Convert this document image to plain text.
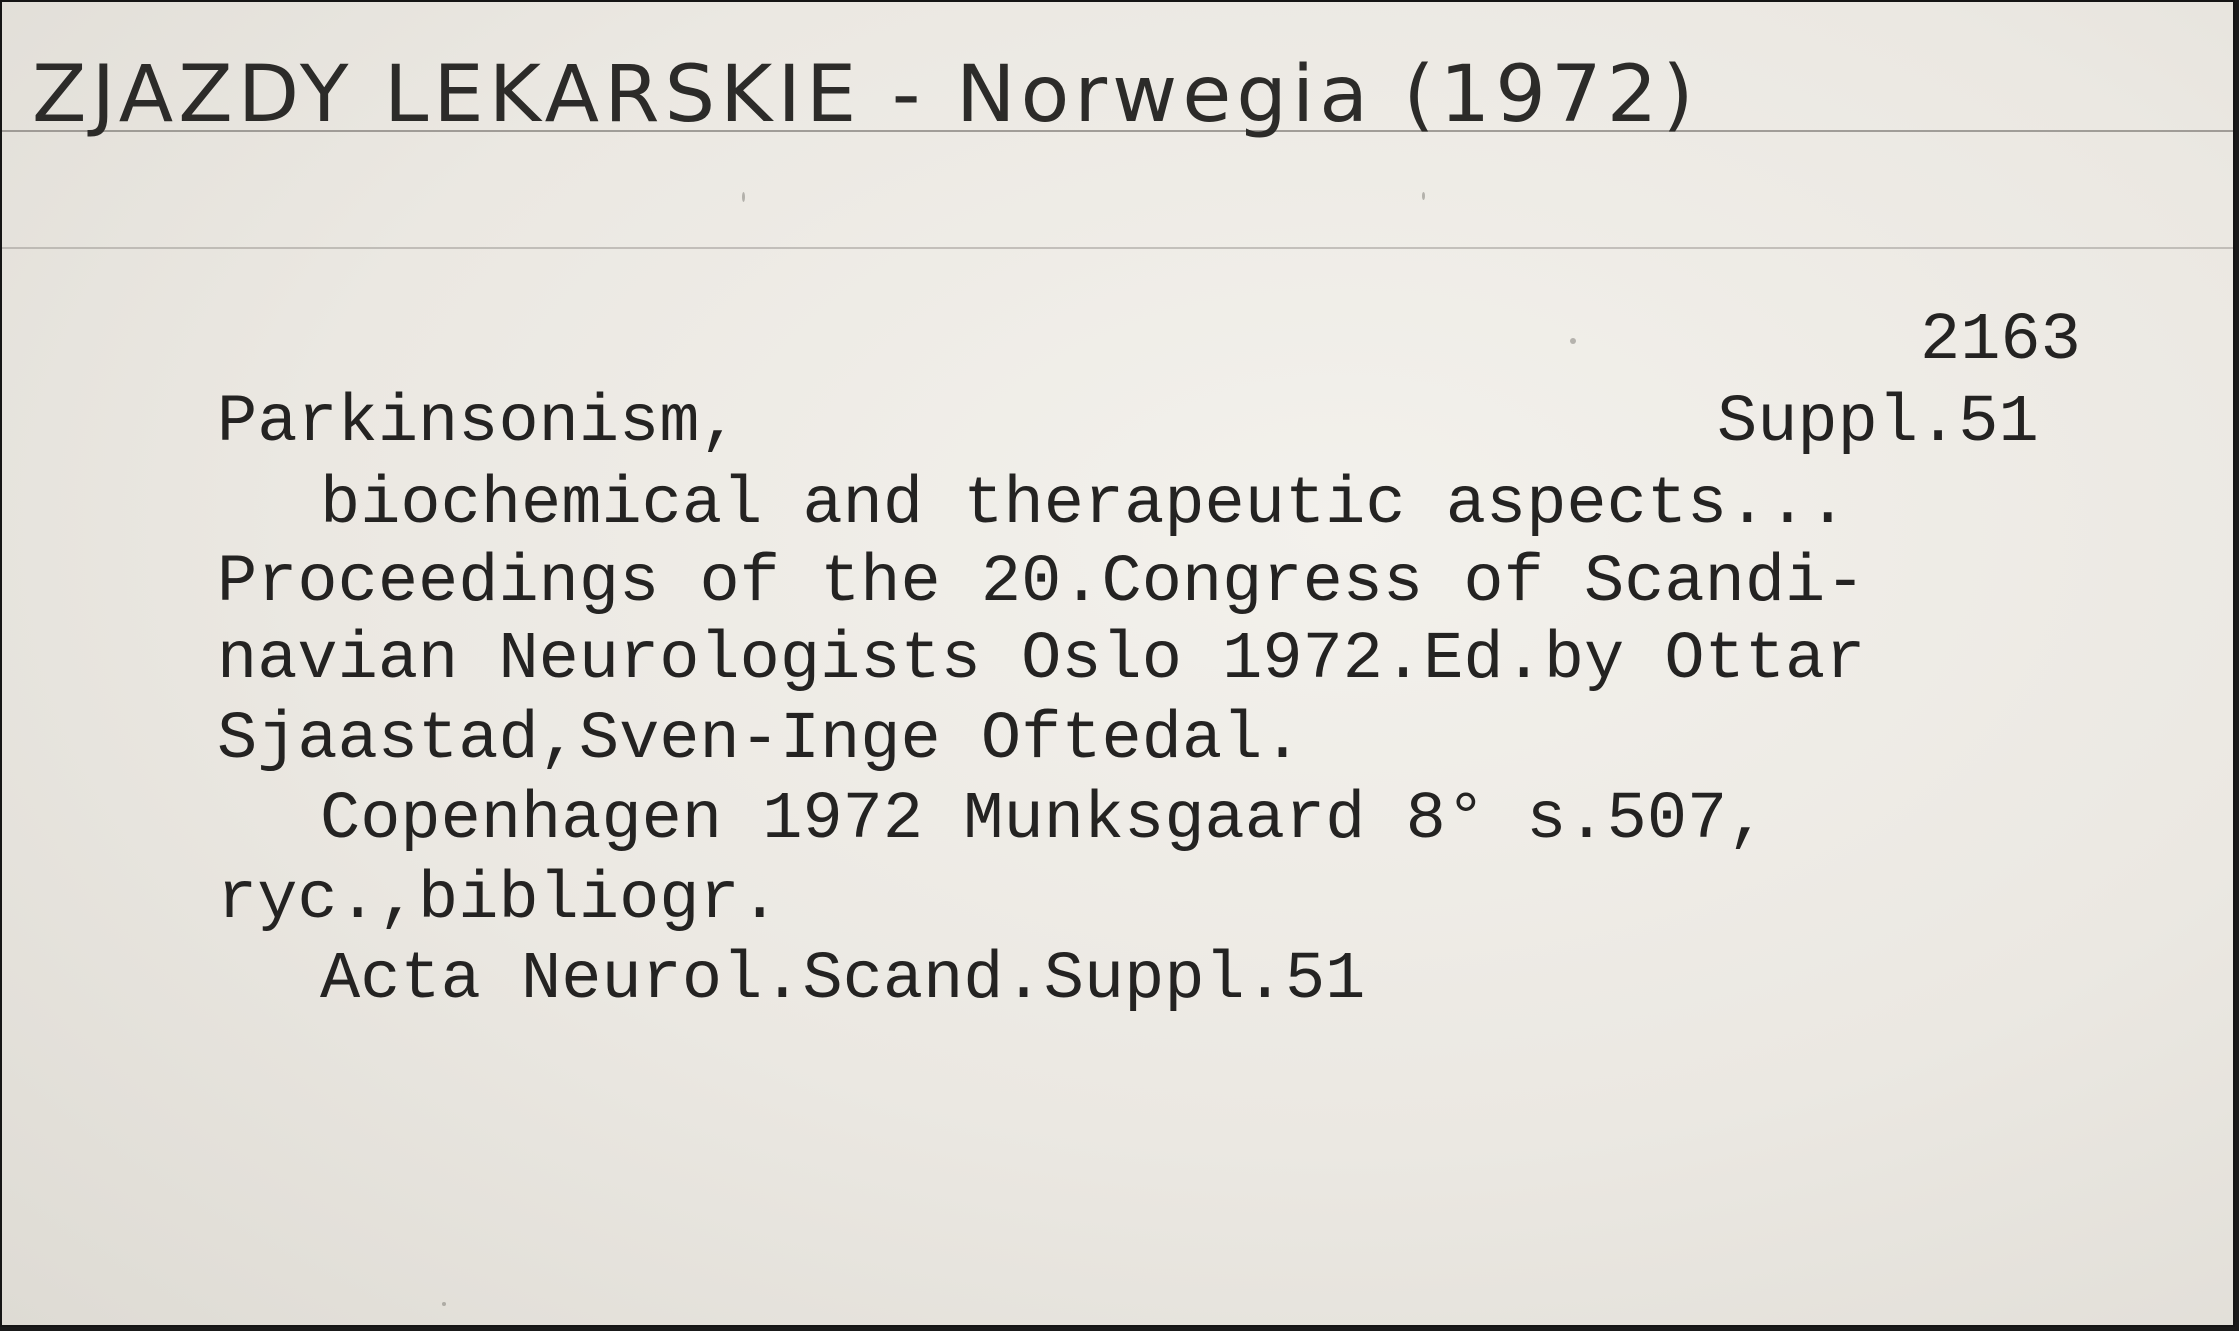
ZJAZDY LEKARSKIE - Norwegia (1972)
2163
Suppl.51
Parkinsonism,
biochemical and therapeutic aspects...
Proceedings of the 20.Congress of Scandi-
navian Neurologists Oslo 1972.Ed.by Ottar
Sjaastad,Sven-Inge Oftedal.
Copenhagen 1972 Munksgaard 8° s.507,
ryc.,bibliogr.
Acta Neurol.Scand.Suppl.51
